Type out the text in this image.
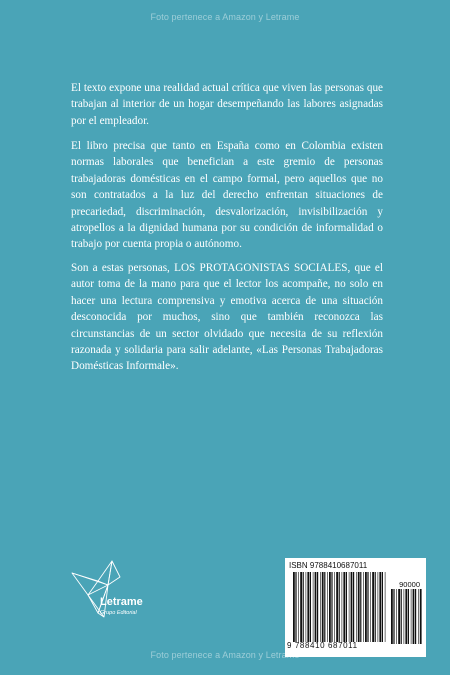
Foto pertenece a Amazon y Letrame

El texto expone una realidad actual crítica que viven las personas que trabajan al interior de un hogar desempeñando las labores asignadas por el empleador.

El libro precisa que tanto en España como en Colombia existen normas laborales que benefician a este gremio de personas trabajadoras domésticas en el campo formal, pero aquellos que no son contratados a la luz del derecho enfrentan situaciones de precariedad, discriminación, desvalorización, invisibilización y atropellos a la dignidad humana por su condición de informalidad o trabajo por cuenta propia o autónomo.

Son a estas personas, LOS PROTAGONISTAS SOCIALES, que el autor toma de la mano para que el lector los acompañe, no solo en hacer una lectura comprensiva y emotiva acerca de una situación desconocida por muchos, sino que también reconozca las circunstancias de un sector olvidado que necesita de su reflexión razonada y solidaria para salir adelante, «Las Personas Trabajadoras Domésticas Informale».

Letrame
Grupo Editorial
ISBN 9788410687011
90000
9 788410 687011
Foto pertenece a Amazon y Letrame
